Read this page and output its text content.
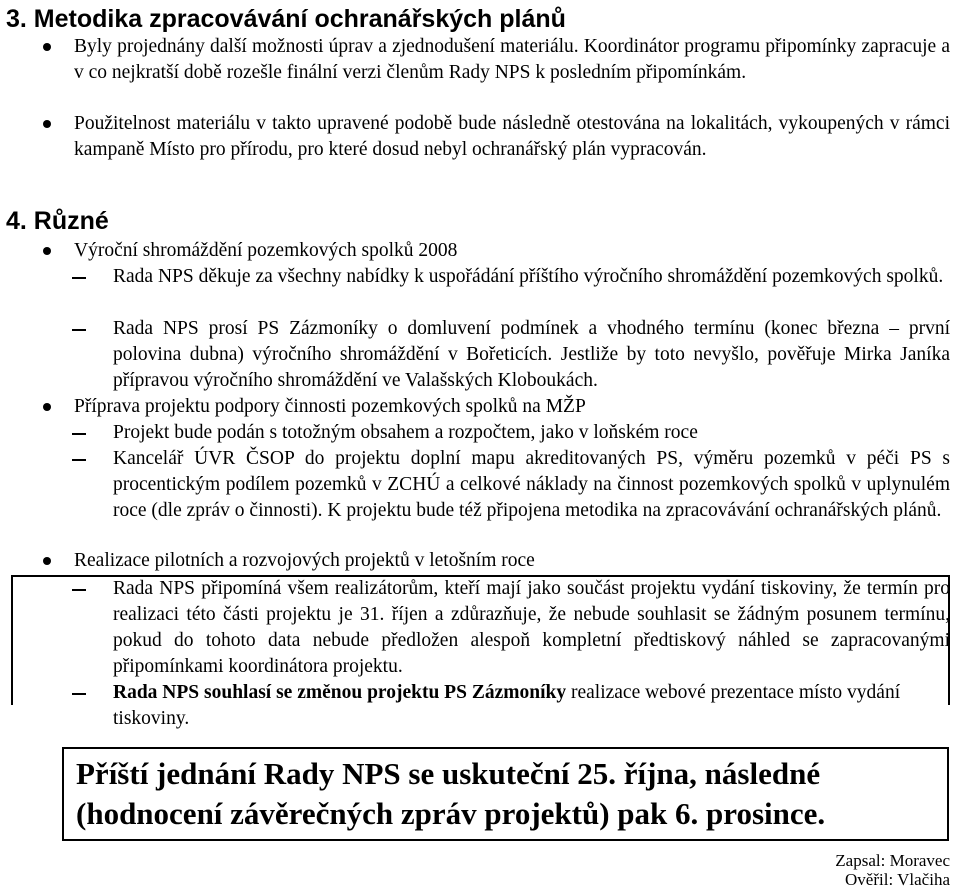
3. Metodika zpracovávání ochranářských plánů

Byly projednány další možnosti úprav a zjednodušení materiálu. Koordinátor programu připomínky zapracuje a v co nejkratší době rozešle finální verzi členům Rady NPS k posledním připomínkám.

Použitelnost materiálu v takto upravené podobě bude následně otestována na lokalitách, vykoupených v rámci kampaně Místo pro přírodu, pro které dosud nebyl ochranářský plán vypracován.

4. Různé

Výroční shromáždění pozemkových spolků 2008

Rada NPS děkuje za všechny nabídky k uspořádání příštího výročního shromáždění pozemkových spolků.

Rada NPS prosí PS Zázmoníky o domluvení podmínek a vhodného termínu (konec března – první polovina dubna) výročního shromáždění v Bořeticích. Jestliže by toto nevyšlo, pověřuje Mirka Janíka přípravou výročního shromáždění ve Valašských Kloboukách.

Příprava projektu podpory činnosti pozemkových spolků na MŽP

Projekt bude podán s totožným obsahem a rozpočtem, jako v loňském roce

Kancelář ÚVR ČSOP do projektu doplní mapu akreditovaných PS, výměru pozemků v péči PS s procentickým podílem pozemků v ZCHÚ a celkové náklady na činnost pozemkových spolků v uplynulém roce (dle zpráv o činnosti). K projektu bude též připojena metodika na zpracovávání ochranářských plánů.

Realizace pilotních a rozvojových projektů v letošním roce

Rada NPS připomíná všem realizátorům, kteří mají jako součást projektu vydání tiskoviny, že termín pro realizaci této části projektu je 31. říjen a zdůrazňuje, že nebude souhlasit se žádným posunem termínu, pokud do tohoto data nebude předložen alespoň kompletní předtiskový náhled se zapracovanými připomínkami koordinátora projektu.

Rada NPS souhlasí se změnou projektu PS Zázmoníky realizace webové prezentace místo vydání tiskoviny.

Příští jednání Rady NPS se uskuteční 25. října, následné (hodnocení závěrečných zpráv projektů) pak 6. prosince.

Zapsal: Moravec
Ověřil: Vlačiha
